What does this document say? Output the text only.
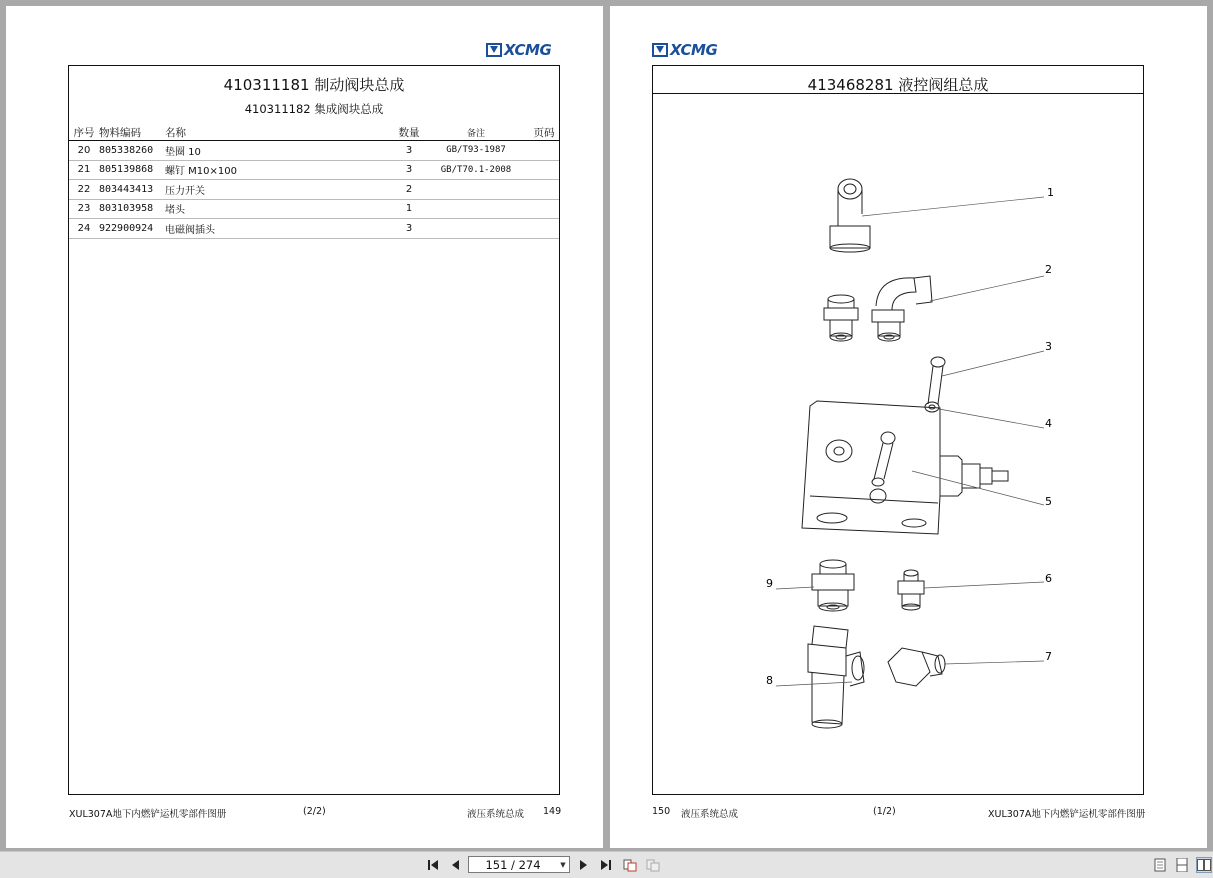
XCMG
410311181 制动阀块总成
410311182 集成阀块总成
序号	物料编码	名称	数量	备注	页码
20	805338260	垫圈 10	3	GB/T93-1987	
21	805139868	螺钉 M10×100	3	GB/T70.1-2008	
22	803443413	压力开关	2		
23	803103958	堵头	1		
24	922900924	电磁阀插头	3		
XUL307A地下内燃铲运机零部件图册	(2/2)	液压系统总成 149
XCMG
413468281 液控阀组总成
1
2
3
4
5
6
7
8
9
150 液压系统总成	(1/2)	XUL307A地下内燃铲运机零部件图册
151 / 274	▼
